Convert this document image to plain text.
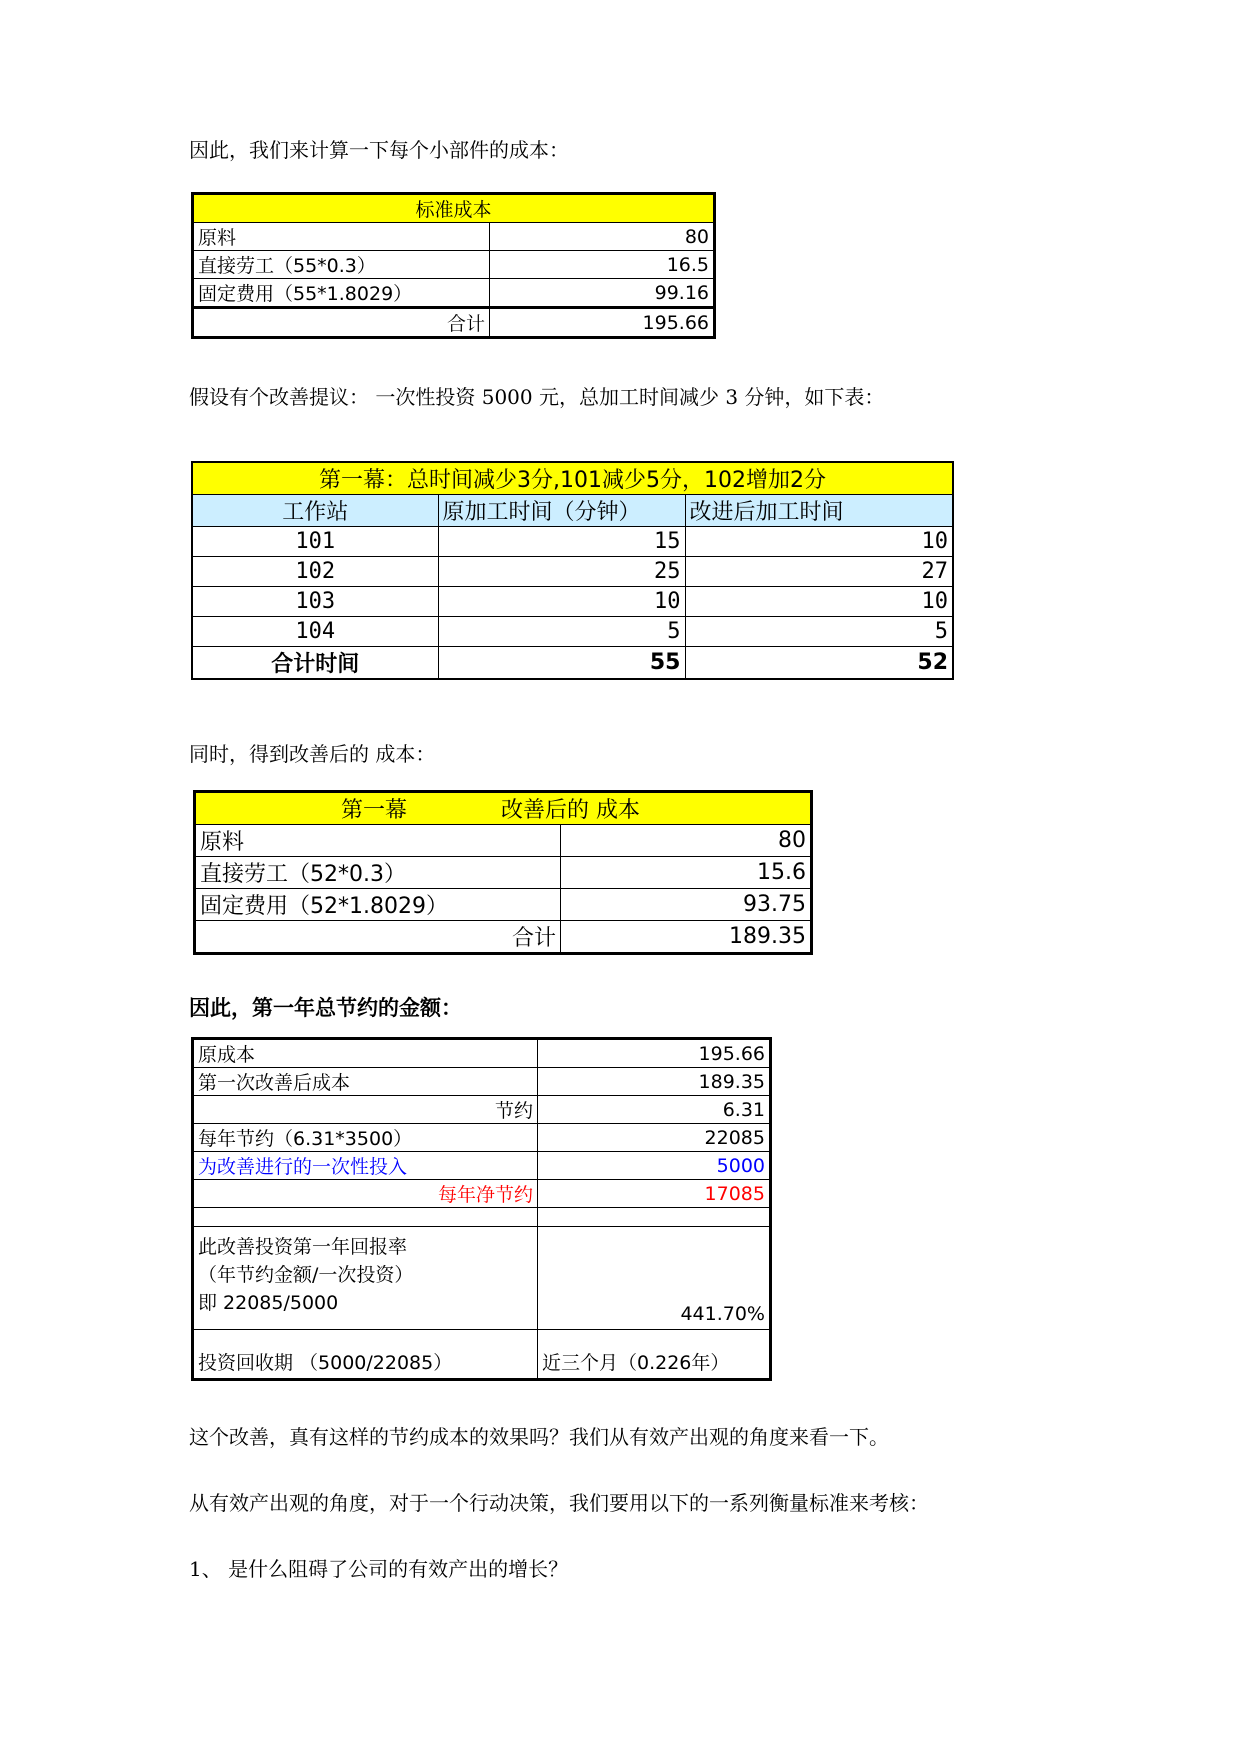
因此，我们来计算一下每个小部件的成本：
标准成本	
原料	80
直接劳工（55*0.3）	16.5
固定费用（55*1.8029）	99.16
合计	195.66
假设有个改善提议： 一次性投资 5000 元，总加工时间减少 3 分钟，如下表：
第一幕：总时间减少3分,101减少5分，102增加2分		
工作站	原加工时间（分钟）	改进后加工时间
101	15	10
102	25	27
103	10	10
104	5	5
合计时间	55	52
同时，得到改善后的 成本：
第一幕 改善后的 成本	
原料	80
直接劳工（52*0.3）	15.6
固定费用（52*1.8029）	93.75
合计	189.35
因此，第一年总节约的金额：
原成本	195.66
第一次改善后成本	189.35
节约	6.31
每年节约（6.31*3500）	22085
为改善进行的一次性投入	5000
每年净节约	17085

此改善投资第一年回报率
（年节约金额/一次投资）
即 22085/5000	441.70%
投资回收期 （5000/22085）	近三个月（0.226年）
这个改善，真有这样的节约成本的效果吗？我们从有效产出观的角度来看一下。
从有效产出观的角度，对于一个行动决策，我们要用以下的一系列衡量标准来考核：
1、 是什么阻碍了公司的有效产出的增长？
